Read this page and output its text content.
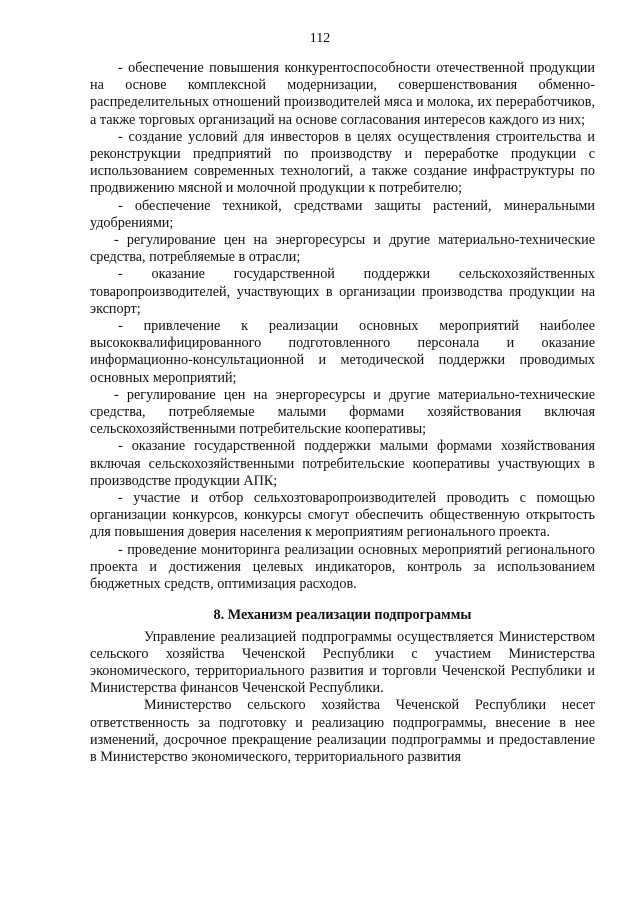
112

- обеспечение повышения конкурентоспособности отечественной продукции на основе комплексной модернизации, совершенствования обменно-распределительных отношений производителей мяса и молока, их переработчиков, а также торговых организаций на основе согласования интересов каждого из них;

- создание условий для инвесторов в целях осуществления строительства и реконструкции предприятий по производству и переработке продукции с использованием современных технологий, а также создание инфраструктуры по продвижению мясной и молочной продукции к потребителю;

- обеспечение техникой, средствами защиты растений, минеральными удобрениями;

- регулирование цен на энергоресурсы и другие материально-технические средства, потребляемые в отрасли;

- оказание государственной поддержки сельскохозяйственных товаропроизводителей, участвующих в организации производства продукции на экспорт;

- привлечение к реализации основных мероприятий наиболее высококвалифицированного подготовленного персонала и оказание информационно-консультационной и методической поддержки проводимых основных мероприятий;

- регулирование цен на энергоресурсы и другие материально-технические средства, потребляемые малыми формами хозяйствования включая сельскохозяйственными потребительские кооперативы;

- оказание государственной поддержки малыми формами хозяйствования включая сельскохозяйственными потребительские кооперативы участвующих в производстве продукции АПК;

- участие и отбор сельхозтоваропроизводителей проводить с помощью организации конкурсов, конкурсы смогут обеспечить общественную открытость для повышения доверия населения к мероприятиям регионального проекта.

- проведение мониторинга реализации основных мероприятий регионального проекта и достижения целевых индикаторов, контроль за использованием бюджетных средств, оптимизация расходов.

8. Механизм реализации подпрограммы

Управление реализацией подпрограммы осуществляется Министерством сельского хозяйства Чеченской Республики с участием Министерства экономического, территориального развития и торговли Чеченской Республики и Министерства финансов Чеченской Республики.

Министерство сельского хозяйства Чеченской Республики несет ответственность за подготовку и реализацию подпрограммы, внесение в нее изменений, досрочное прекращение реализации подпрограммы и предоставление в Министерство экономического, территориального развития
